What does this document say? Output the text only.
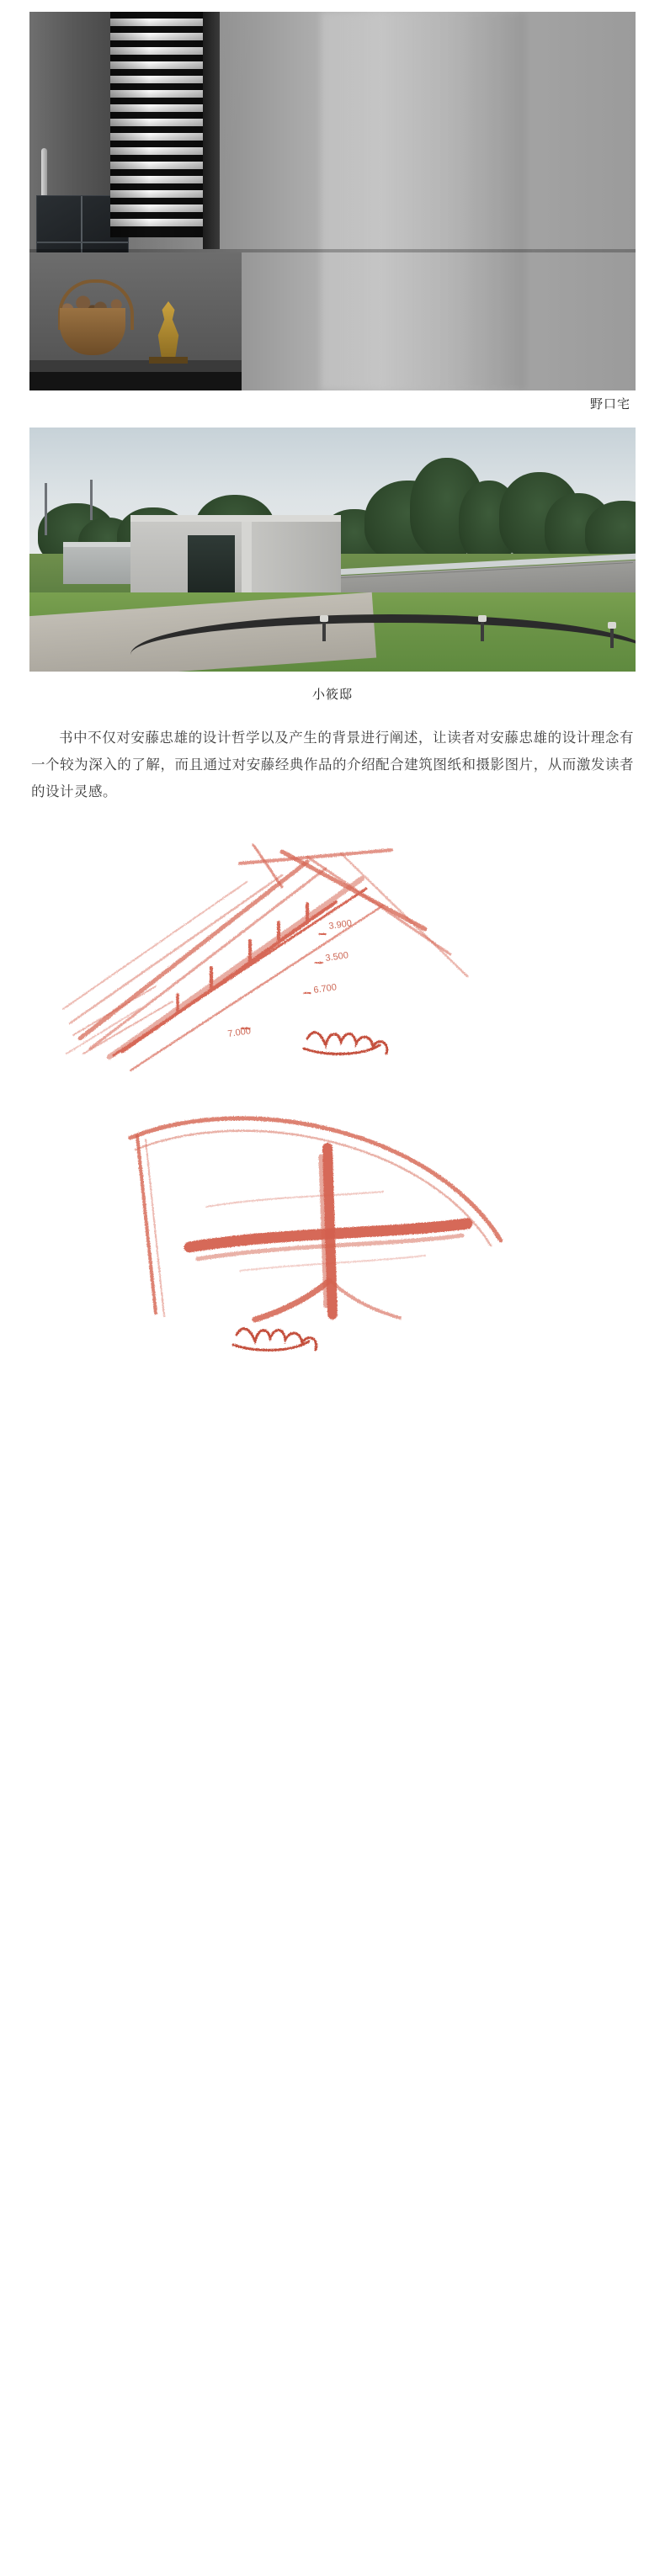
野口宅
小筱邸

书中不仅对安藤忠雄的设计哲学以及产生的背景进行阐述，让读者对安藤忠雄的设计理念有一个较为深入的了解，而且通过对安藤经典作品的介绍配合建筑图纸和摄影图片，从而激发读者的设计灵感。

3.900
3.500
6.700
7.000
